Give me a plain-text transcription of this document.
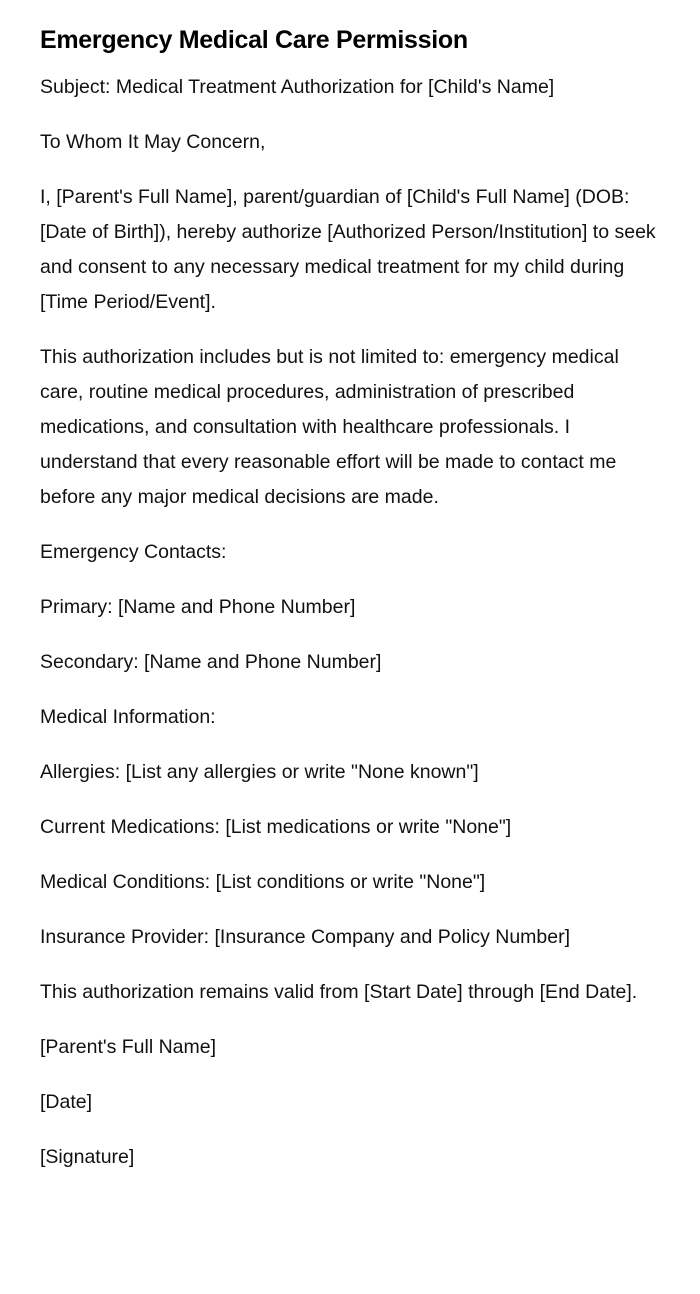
Emergency Medical Care Permission

Subject: Medical Treatment Authorization for [Child's Name]

To Whom It May Concern,

I, [Parent's Full Name], parent/guardian of [Child's Full Name] (DOB: [Date of Birth]), hereby authorize [Authorized Person/Institution] to seek and consent to any necessary medical treatment for my child during [Time Period/Event].

This authorization includes but is not limited to: emergency medical care, routine medical procedures, administration of prescribed medications, and consultation with healthcare professionals. I understand that every reasonable effort will be made to contact me before any major medical decisions are made.

Emergency Contacts:

Primary: [Name and Phone Number]

Secondary: [Name and Phone Number]

Medical Information:

Allergies: [List any allergies or write "None known"]

Current Medications: [List medications or write "None"]

Medical Conditions: [List conditions or write "None"]

Insurance Provider: [Insurance Company and Policy Number]

This authorization remains valid from [Start Date] through [End Date].

[Parent's Full Name]

[Date]

[Signature]
